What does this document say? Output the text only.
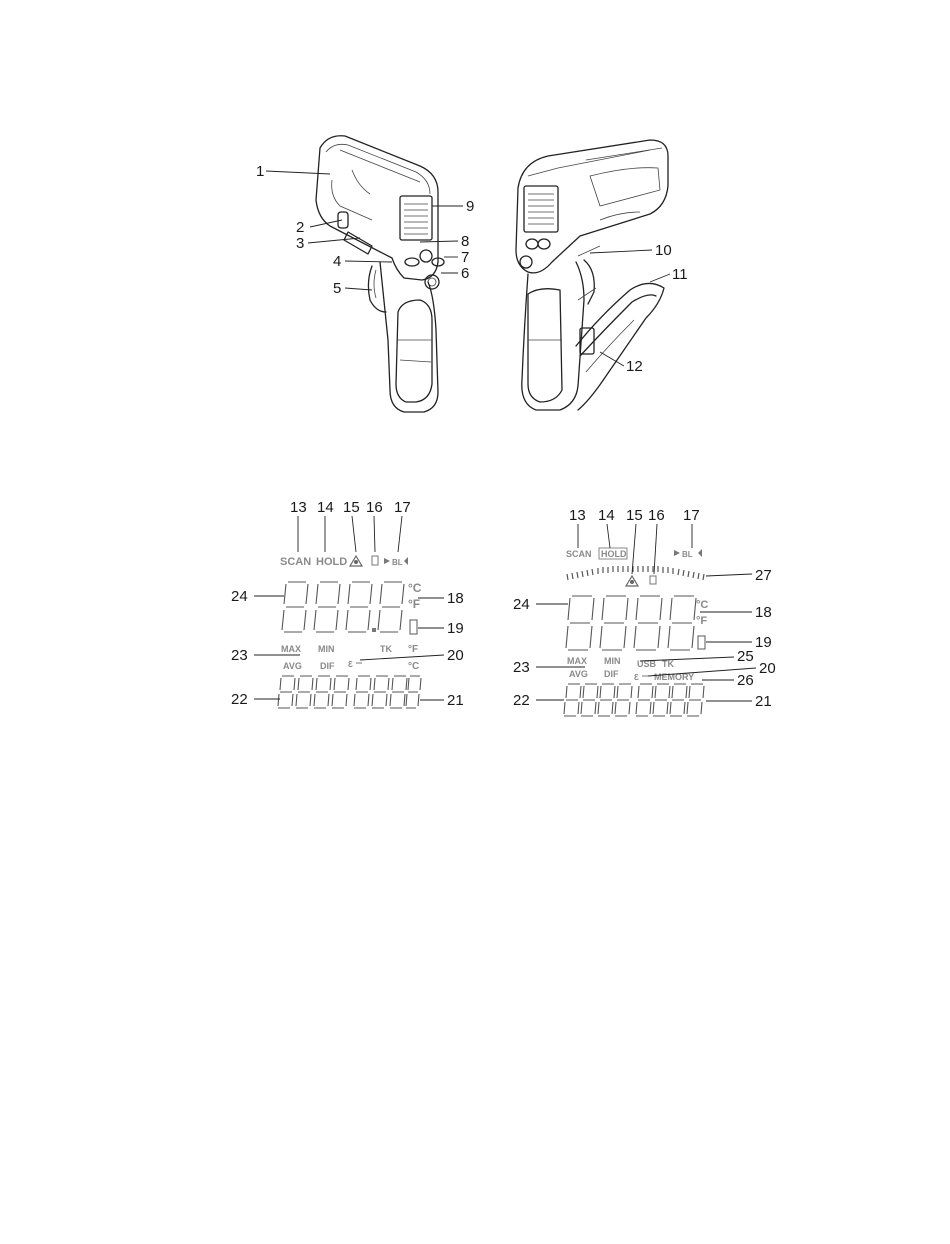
1
2
3
4
5
6
7
8
9
10
11
12
SCAN HOLD	BL
°C
°F
MAX MIN
AVG DIF
TK
ε
°F
°C
13 14 15 16 17
18
19
20
21
22
23
24
SCAN HOLD	BL
°C
°F
MAX MIN
AVG DIF
USB TK
ε MEMORY
13 14 15 16 17
18
19
20
21
22
23
24
25
26
27
